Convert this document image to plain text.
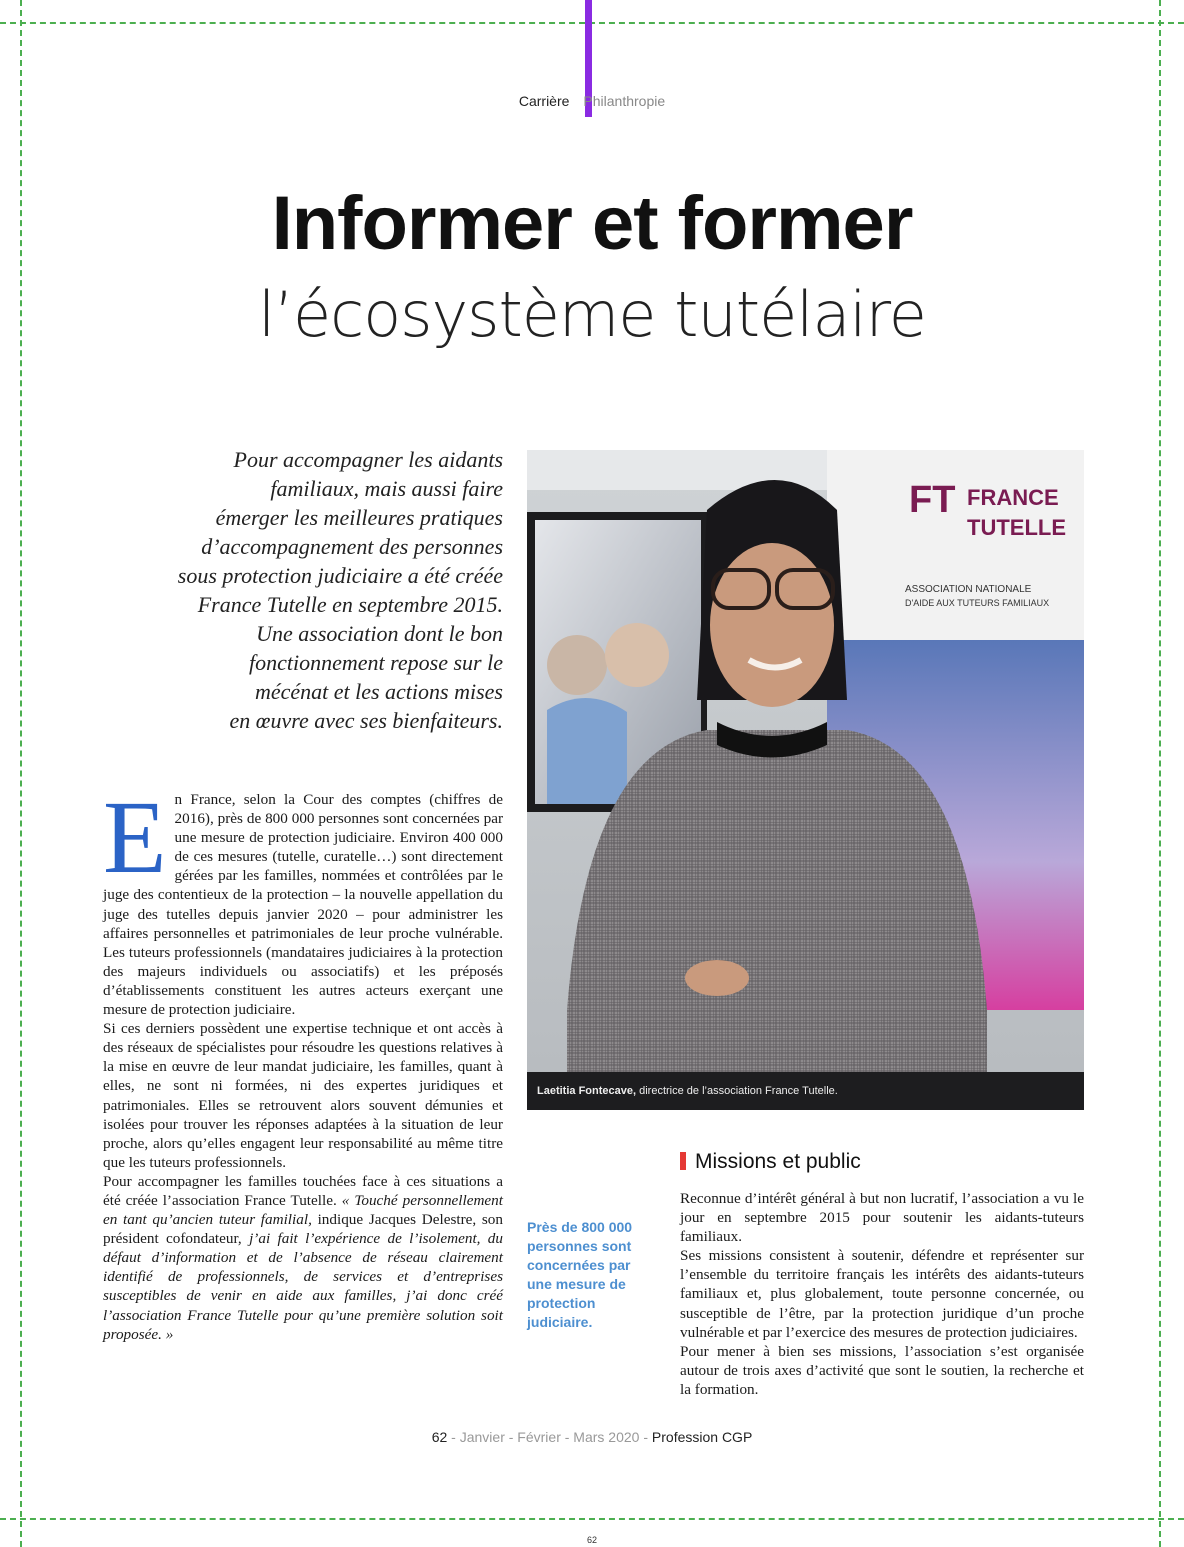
Carrière Philanthropie
Informer et former
l’écosystème tutélaire
Pour accompagner les aidants
familiaux, mais aussi faire
émerger les meilleures pratiques
d’accompagnement des personnes
sous protection judiciaire a été créée
France Tutelle en septembre 2015.
Une association dont le bon
fonctionnement repose sur le
mécénat et les actions mises
en œuvre avec ses bienfaiteurs.
FT FRANCE
TUTELLE
ASSOCIATION NATIONALE
D'AIDE AUX TUTEURS FAMILIAUX
Laetitia Fontecave, directrice de l’association France Tutelle.

En France, selon la Cour des comptes (chiffres de 2016), près de 800 000 personnes sont concernées par une mesure de protection judiciaire. Environ 400 000 de ces mesures (tutelle, curatelle…) sont directement gérées par les familles, nommées et contrôlées par le juge des contentieux de la protection – la nouvelle appellation du juge des tutelles depuis janvier 2020 – pour administrer les affaires personnelles et patrimoniales de leur proche vulnérable. Les tuteurs professionnels (mandataires judiciaires à la protection des majeurs individuels ou associatifs) et les préposés d’établissements constituent les autres acteurs exerçant une mesure de protection judiciaire.

Si ces derniers possèdent une expertise technique et ont accès à des réseaux de spécialistes pour résoudre les questions relatives à la mise en œuvre de leur mandat judiciaire, les familles, quant à elles, ne sont ni formées, ni des expertes juridiques et patrimoniales. Elles se retrouvent alors souvent démunies et isolées pour trouver les réponses adaptées à la situation de leur proche, alors qu’elles engagent leur responsabilité au même titre que les tuteurs professionnels.

Pour accompagner les familles touchées face à ces situations a été créée l’association France Tutelle. « Touché personnellement en tant qu’ancien tuteur familial, indique Jacques Delestre, son président cofondateur, j’ai fait l’expérience de l’isolement, du défaut d’information et de l’absence de réseau clairement identifié de professionnels, de services et d’entreprises susceptibles de venir en aide aux familles, j’ai donc créé l’association France Tutelle pour qu’une première solution soit proposée. »

Près de 800 000 personnes sont concernées par une mesure de protection judiciaire.
Missions et public

Reconnue d’intérêt général à but non lucratif, l’association a vu le jour en septembre 2015 pour soutenir les aidants-tuteurs familiaux.

Ses missions consistent à soutenir, défendre et représenter sur l’ensemble du territoire français les intérêts des aidants-tuteurs familiaux et, plus globalement, toute personne concernée, ou susceptible de l’être, par la protection juridique d’un proche vulnérable et par l’exercice des mesures de protection judiciaires.

Pour mener à bien ses missions, l’association s’est organisée autour de trois axes d’activité que sont le soutien, la recherche et la formation.

62 - Janvier - Février - Mars 2020 - Profession CGP
62
